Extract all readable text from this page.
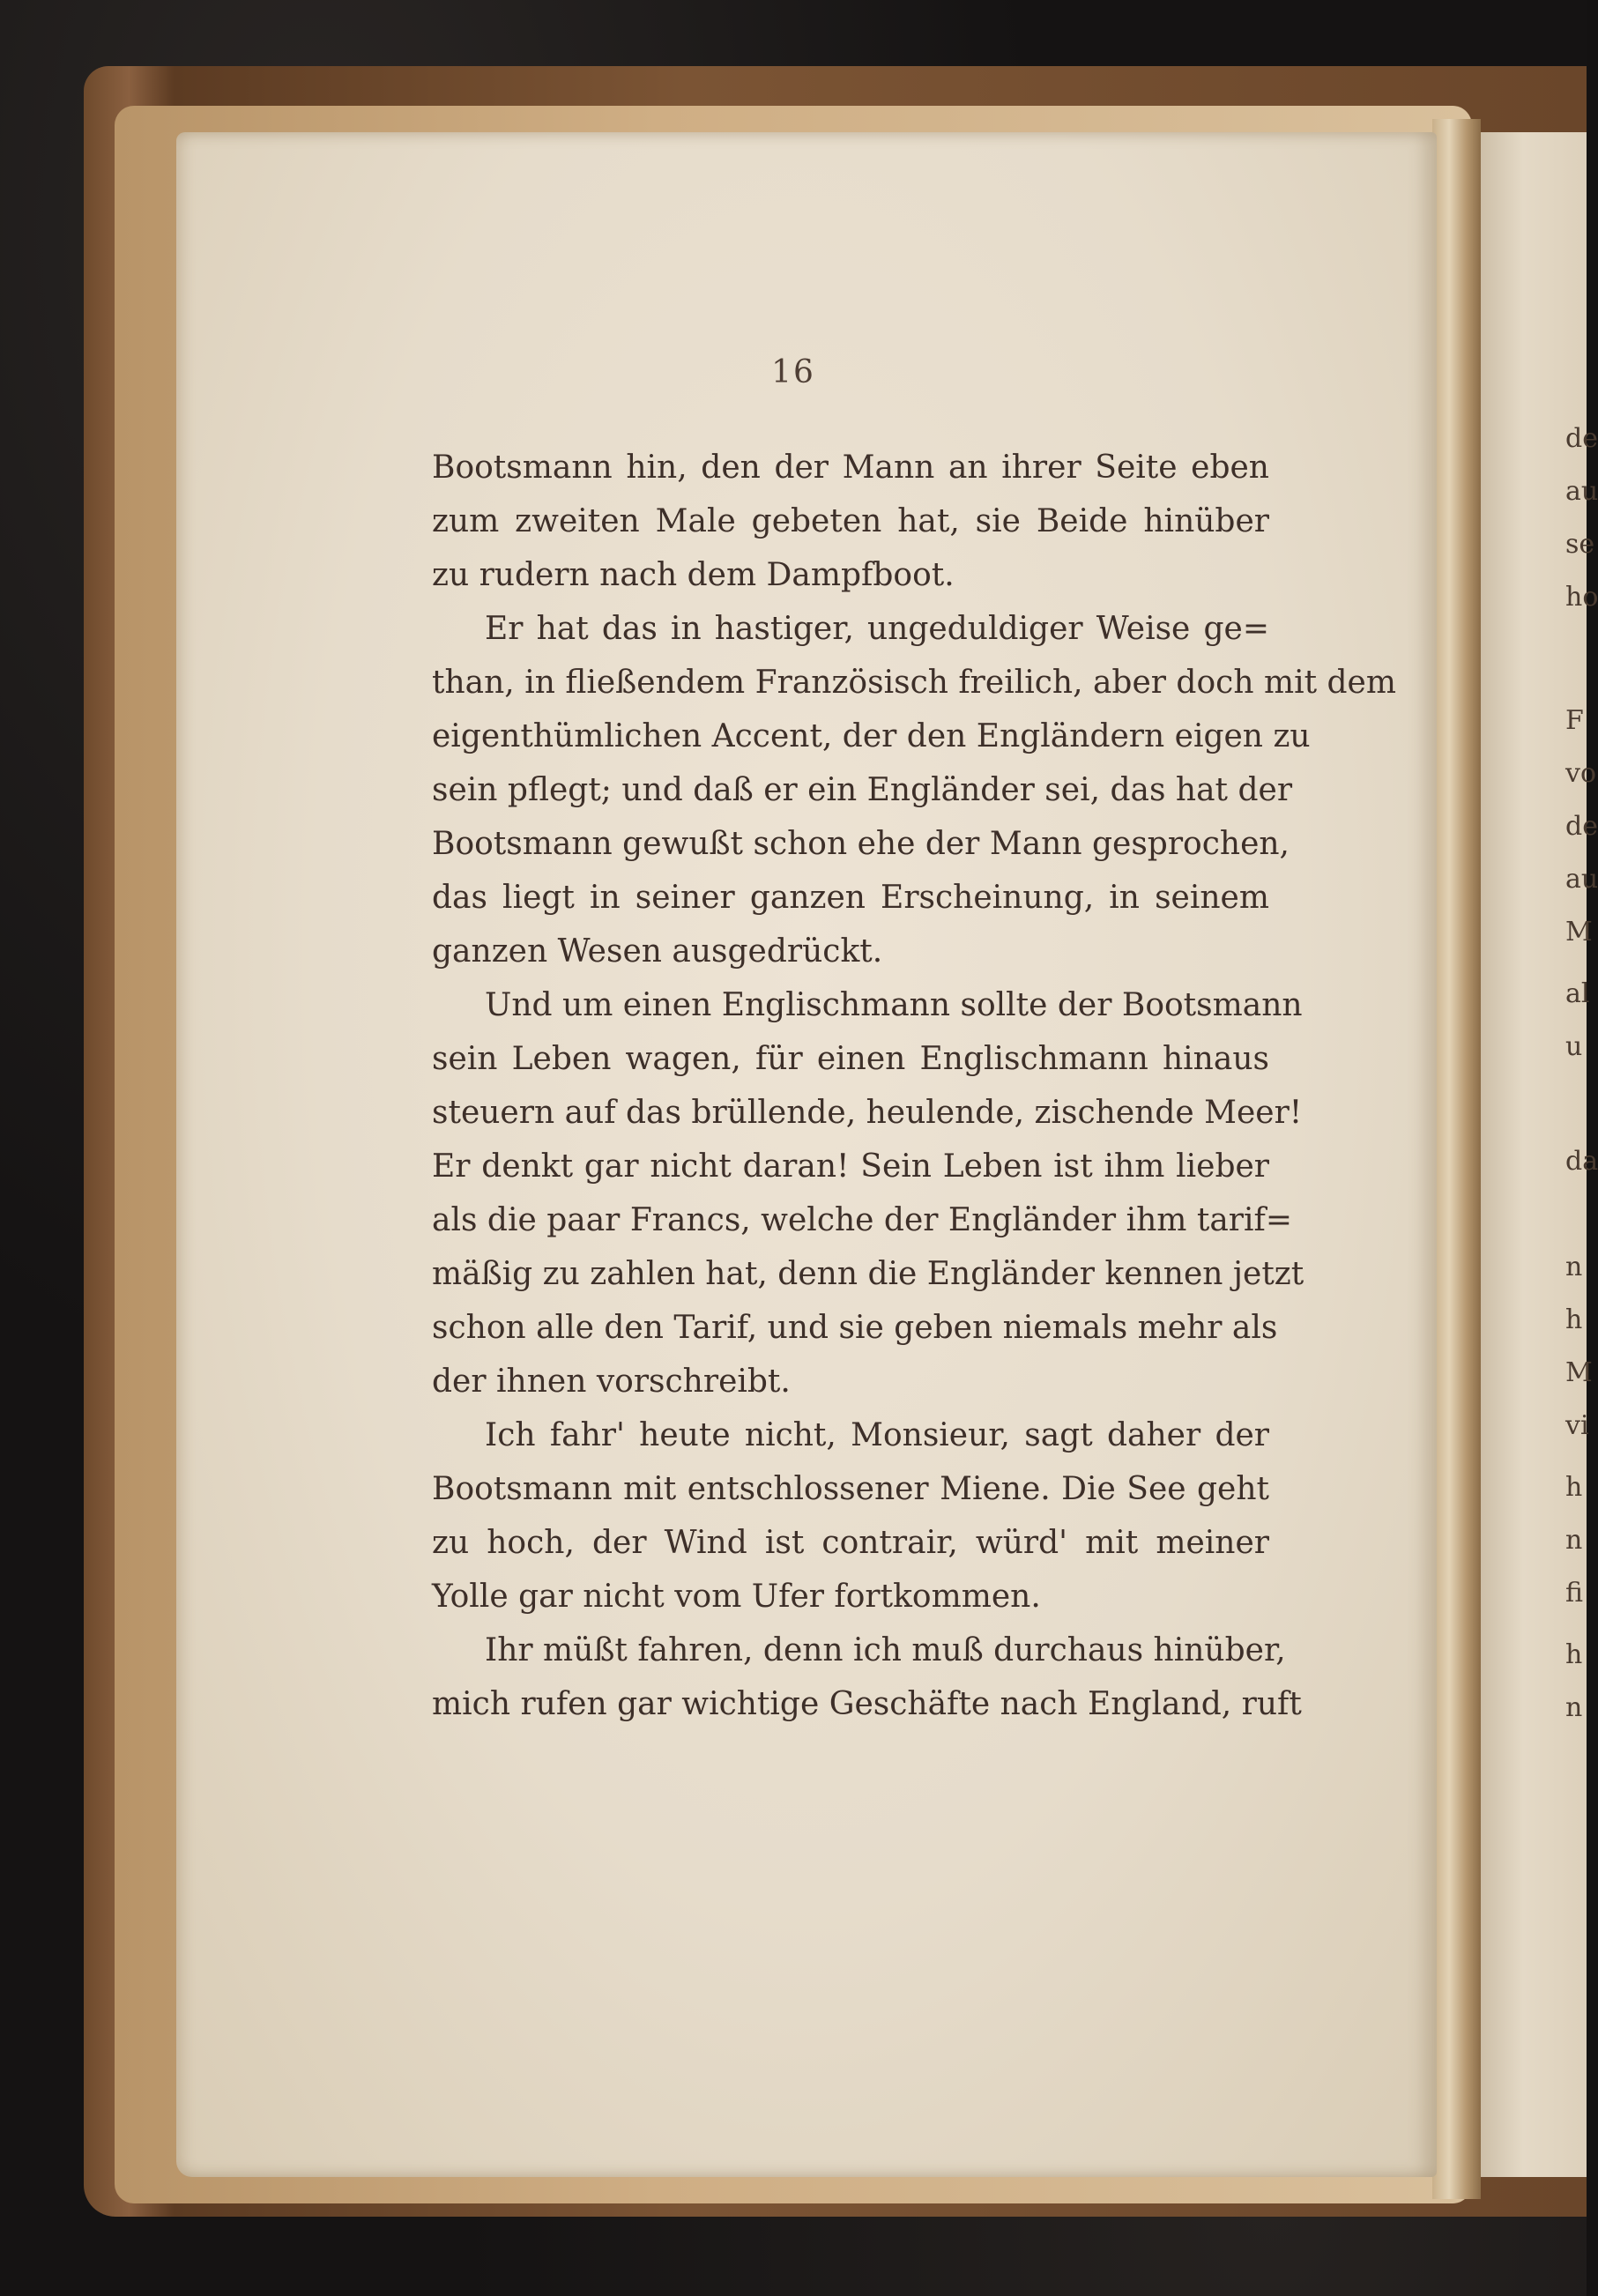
16
Bootsmann hin, den der Mann an ihrer Seite eben
zum zweiten Male gebeten hat, sie Beide hinüber
zu rudern nach dem Dampfboot.
Er hat das in hastiger, ungeduldiger Weise ge=
than, in fließendem Französisch freilich, aber doch mit dem
eigenthümlichen Accent, der den Engländern eigen zu
sein pflegt; und daß er ein Engländer sei, das hat der
Bootsmann gewußt schon ehe der Mann gesprochen,
das liegt in seiner ganzen Erscheinung, in seinem
ganzen Wesen ausgedrückt.
Und um einen Englischmann sollte der Bootsmann
sein Leben wagen, für einen Englischmann hinaus
steuern auf das brüllende, heulende, zischende Meer!
Er denkt gar nicht daran! Sein Leben ist ihm lieber
als die paar Francs, welche der Engländer ihm tarif=
mäßig zu zahlen hat, denn die Engländer kennen jetzt
schon alle den Tarif, und sie geben niemals mehr als
der ihnen vorschreibt.
Ich fahr' heute nicht, Monsieur, sagt daher der
Bootsmann mit entschlossener Miene. Die See geht
zu hoch, der Wind ist contrair, würd' mit meiner
Yolle gar nicht vom Ufer fortkommen.
Ihr müßt fahren, denn ich muß durchaus hinüber,
mich rufen gar wichtige Geschäfte nach England, ruft
de
au
se
ho
F
vo
de
au
M
al
u
da
n
h
M
vi
h
n
fi
h
n
